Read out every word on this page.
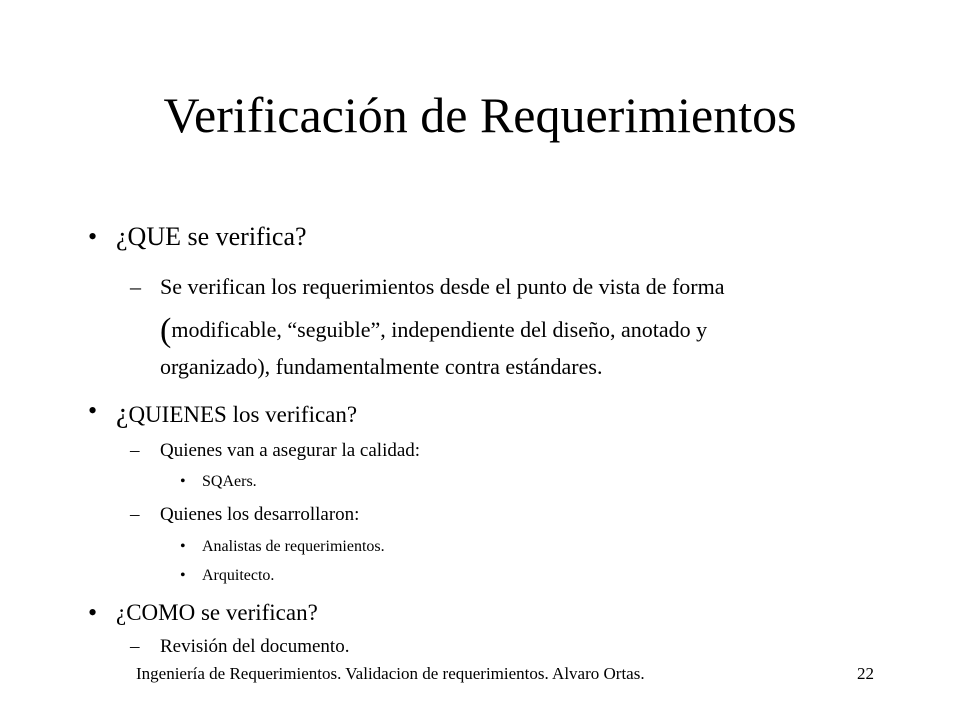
Verificación de Requerimientos
• ¿QUE se verifica?
– Se verifican los requerimientos desde el punto de vista de forma
(modificable, “seguible”, independiente del diseño, anotado y
organizado), fundamentalmente contra estándares.
• ¿QUIENES los verifican?
– Quienes van a asegurar la calidad:
• SQAers.
– Quienes los desarrollaron:
• Analistas de requerimientos.
• Arquitecto.
• ¿COMO se verifican?
– Revisión del documento.
Ingeniería de Requerimientos. Validacion de requerimientos. Alvaro Ortas.	22
